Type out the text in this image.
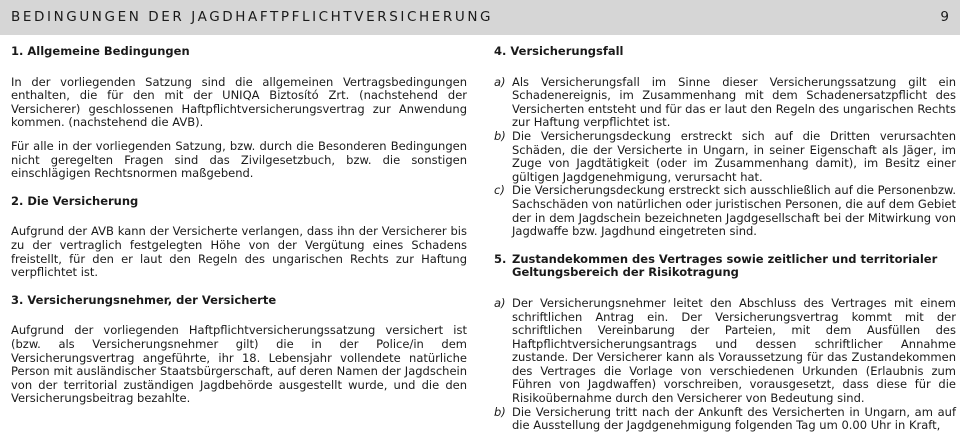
BEDINGUNGEN DER JAGDHAFTPFLICHTVERSICHERUNG	9
1. Allgemeine Bedingungen

In der vorliegenden Satzung sind die allgemeinen Vertragsbedingungen enthalten, die für den mit der UNIQA Biztosító Zrt. (nachstehend der Versicherer) geschlossenen Haftpflichtversicherungsvertrag zur Anwendung kommen. (nachstehend die AVB).

Für alle in der vorliegenden Satzung, bzw. durch die Besonderen Bedingungen nicht geregelten Fragen sind das Zivilgesetzbuch, bzw. die sonstigen einschlägigen Rechtsnormen maßgebend.

2. Die Versicherung

Aufgrund der AVB kann der Versicherte verlangen, dass ihn der Versicherer bis zu der vertraglich festgelegten Höhe von der Vergütung eines Schadens freistellt, für den er laut den Regeln des ungarischen Rechts zur Haftung verpflichtet ist.

3. Versicherungsnehmer, der Versicherte

Aufgrund der vorliegenden Haftpflichtversicherungssatzung versichert ist (bzw. als Versicherungsnehmer gilt) die in der Police/in dem Versicherungsvertrag angeführte, ihr 18. Lebensjahr vollendete natürliche Person mit ausländischer Staatsbürgerschaft, auf deren Namen der Jagdschein von der territorial zuständigen Jagdbehörde ausgestellt wurde, und die den Versicherungsbeitrag bezahlte.

4. Versicherungsfall
a) Als Versicherungsfall im Sinne dieser Versicherungssatzung gilt ein Schadenereignis, im Zusammenhang mit dem Schadenersatzpflicht des Versicherten entsteht und für das er laut den Regeln des ungarischen Rechts zur Haftung verpflichtet ist.
b) Die Versicherungsdeckung erstreckt sich auf die Dritten verursachten Schäden, die der Versicherte in Ungarn, in seiner Eigenschaft als Jäger, im Zuge von Jagdtätigkeit (oder im Zusammenhang damit), im Besitz einer gültigen Jagdgenehmigung, verursacht hat.
c) Die Versicherungsdeckung erstreckt sich ausschließlich auf die Personenbzw. Sachschäden von natürlichen oder juristischen Personen, die auf dem Gebiet der in dem Jagdschein bezeichneten Jagdgesellschaft bei der Mitwirkung von Jagdwaffe bzw. Jagdhund eingetreten sind.
5. Zustandekommen des Vertrages sowie zeitlicher und territorialer
Geltungsbereich der Risikotragung
a) Der Versicherungsnehmer leitet den Abschluss des Vertrages mit einem schriftlichen Antrag ein. Der Versicherungsvertrag kommt mit der schriftlichen Vereinbarung der Parteien, mit dem Ausfüllen des Haftpflichtversicherungsantrags und dessen schriftlicher Annahme zustande. Der Versicherer kann als Voraussetzung für das Zustandekommen des Vertrages die Vorlage von verschiedenen Urkunden (Erlaubnis zum Führen von Jagdwaffen) vorschreiben, vorausgesetzt, dass diese für die Risikoübernahme durch den Versicherer von Bedeutung sind.
b) Die Versicherung tritt nach der Ankunft des Versicherten in Ungarn, am auf die Ausstellung der Jagdgenehmigung folgenden Tag um 0.00 Uhr in Kraft,
